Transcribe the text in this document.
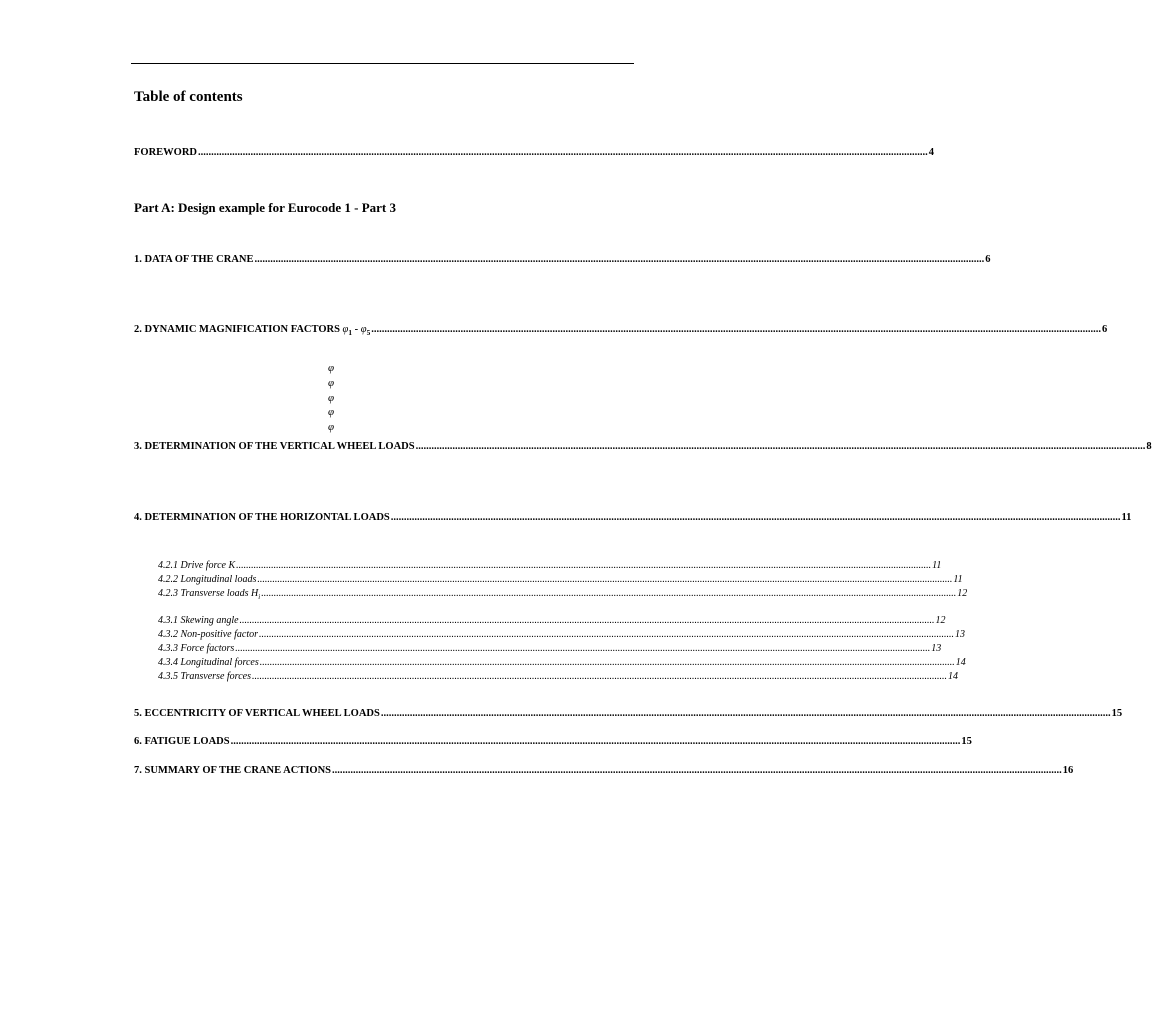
Table of contents
FOREWORD ...................................................................................................................................................................................................................................................................................... 4
Part A: Design example for Eurocode 1 - Part 3
1. DATA OF THE CRANE ...................................................................................................................................................................................................................................................................................... 6
2. DYNAMIC MAGNIFICATION FACTORS $\varphi_1 - \varphi_5$ ...................................................................................................................................................................................................................................................................................... 6
φ
φ
φ
φ
φ
3. DETERMINATION OF THE VERTICAL WHEEL LOADS ...................................................................................................................................................................................................................................................................................... 8
4. DETERMINATION OF THE HORIZONTAL LOADS ...................................................................................................................................................................................................................................................................................... 11
4.2.1 Drive force K ...................................................................................................................................................................................................................................................................................... 11
4.2.2 Longitudinal loads ...................................................................................................................................................................................................................................................................................... 11
4.2.3 Transverse loads $H_i$ ...................................................................................................................................................................................................................................................................................... 12
4.3.1 Skewing angle ...................................................................................................................................................................................................................................................................................... 12
4.3.2 Non-positive factor ...................................................................................................................................................................................................................................................................................... 13
4.3.3 Force factors ...................................................................................................................................................................................................................................................................................... 13
4.3.4 Longitudinal forces ...................................................................................................................................................................................................................................................................................... 14
4.3.5 Transverse forces ...................................................................................................................................................................................................................................................................................... 14
5. ECCENTRICITY OF VERTICAL WHEEL LOADS ...................................................................................................................................................................................................................................................................................... 15
6. FATIGUE LOADS ...................................................................................................................................................................................................................................................................................... 15
7. SUMMARY OF THE CRANE ACTIONS ...................................................................................................................................................................................................................................................................................... 16
